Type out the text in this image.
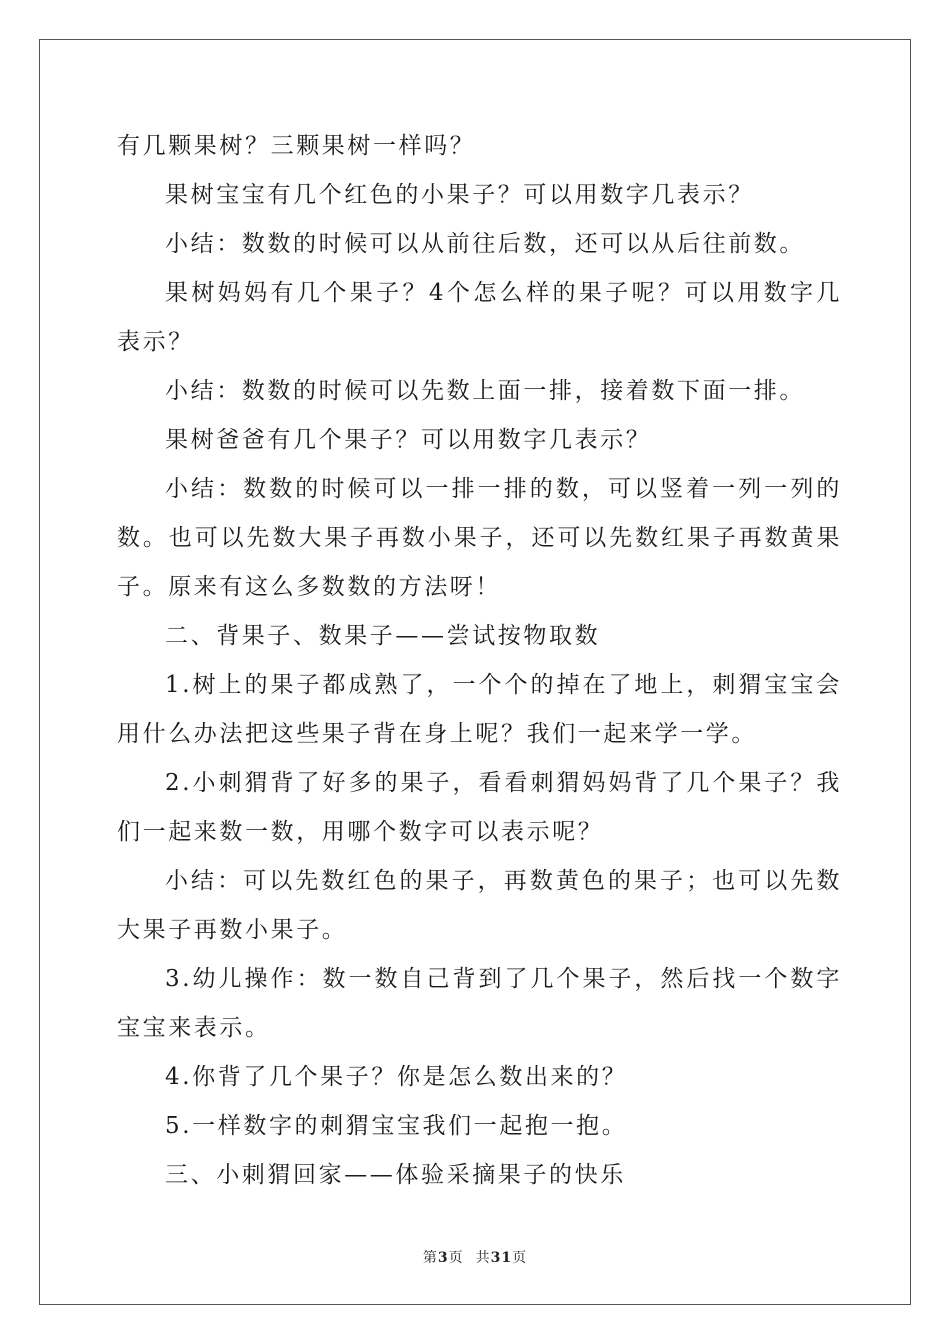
有几颗果树？三颗果树一样吗？

果树宝宝有几个红色的小果子？可以用数字几表示？

小结：数数的时候可以从前往后数，还可以从后往前数。

果树妈妈有几个果子？4个怎么样的果子呢？可以用数字几表示？

小结：数数的时候可以先数上面一排，接着数下面一排。

果树爸爸有几个果子？可以用数字几表示？

小结：数数的时候可以一排一排的数，可以竖着一列一列的数。也可以先数大果子再数小果子，还可以先数红果子再数黄果子。原来有这么多数数的方法呀！

二、背果子、数果子——尝试按物取数

1.树上的果子都成熟了，一个个的掉在了地上，刺猬宝宝会用什么办法把这些果子背在身上呢？我们一起来学一学。

2.小刺猬背了好多的果子，看看刺猬妈妈背了几个果子？我们一起来数一数，用哪个数字可以表示呢？

小结：可以先数红色的果子，再数黄色的果子；也可以先数大果子再数小果子。

3.幼儿操作：数一数自己背到了几个果子，然后找一个数字宝宝来表示。

4.你背了几个果子？你是怎么数出来的？

5.一样数字的刺猬宝宝我们一起抱一抱。

三、小刺猬回家——体验采摘果子的快乐

第3页 共31页
